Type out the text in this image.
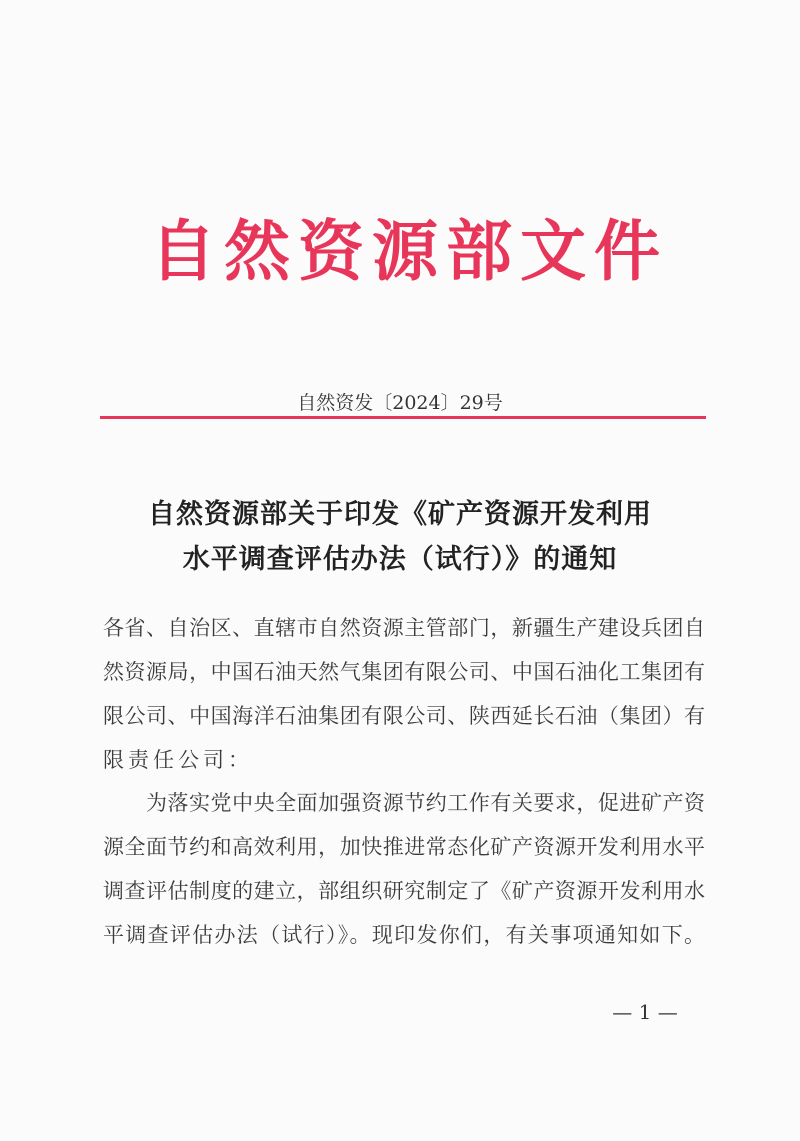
自然资源部文件
自然资发〔2024〕29号
自然资源部关于印发《矿产资源开发利用
水平调查评估办法（试行）》的通知
各省、自治区、直辖市自然资源主管部门，新疆生产建设兵团自
然资源局，中国石油天然气集团有限公司、中国石油化工集团有
限公司、中国海洋石油集团有限公司、陕西延长石油（集团）有
限责任公司：
为落实党中央全面加强资源节约工作有关要求，促进矿产资
源全面节约和高效利用，加快推进常态化矿产资源开发利用水平
调查评估制度的建立，部组织研究制定了《矿产资源开发利用水
平调查评估办法（试行）》。现印发你们，有关事项通知如下。
— 1 —
